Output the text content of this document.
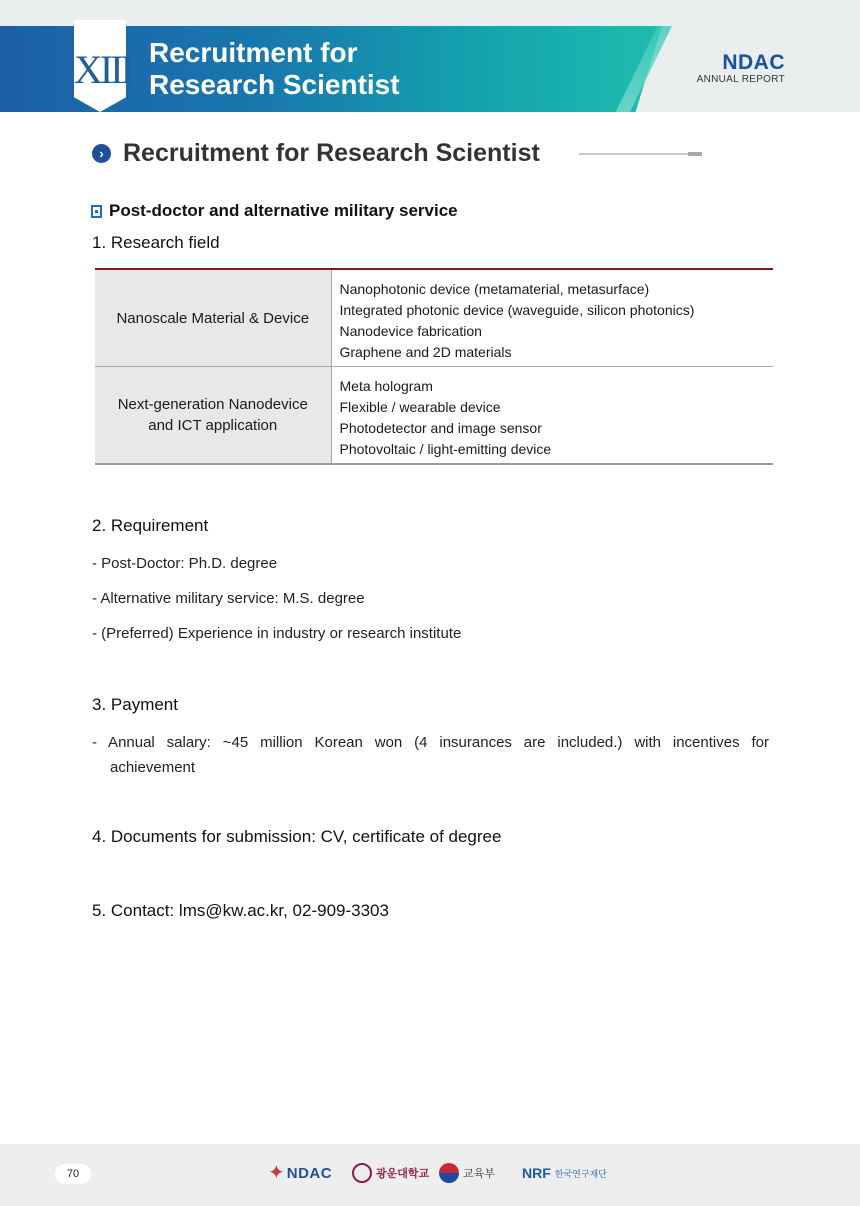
XIII Recruitment for
Research Scientist
NDAC
ANNUAL REPORT
› Recruitment for Research Scientist
Post-doctor and alternative military service
1. Research field
Nanoscale Material & Device	Nanophotonic device (metamaterial, metasurface)
Integrated photonic device (waveguide, silicon photonics)
Nanodevice fabrication
Graphene and 2D materials

Next-generation Nanodevice
and ICT application	Meta hologram
Flexible / wearable device
Photodetector and image sensor
Photovoltaic / light-emitting device
2. Requirement
- Post-Doctor: Ph.D. degree
- Alternative military service: M.S. degree
- (Preferred) Experience in industry or research institute
3. Payment
- Annual salary: ~45 million Korean won (4 insurances are included.) with incentives for
achievement
4. Documents for submission: CV, certificate of degree
5. Contact: lms@kw.ac.kr, 02-909-3303
70	✦ NDAC	광운대학교	교육부 NRF 한국연구재단
